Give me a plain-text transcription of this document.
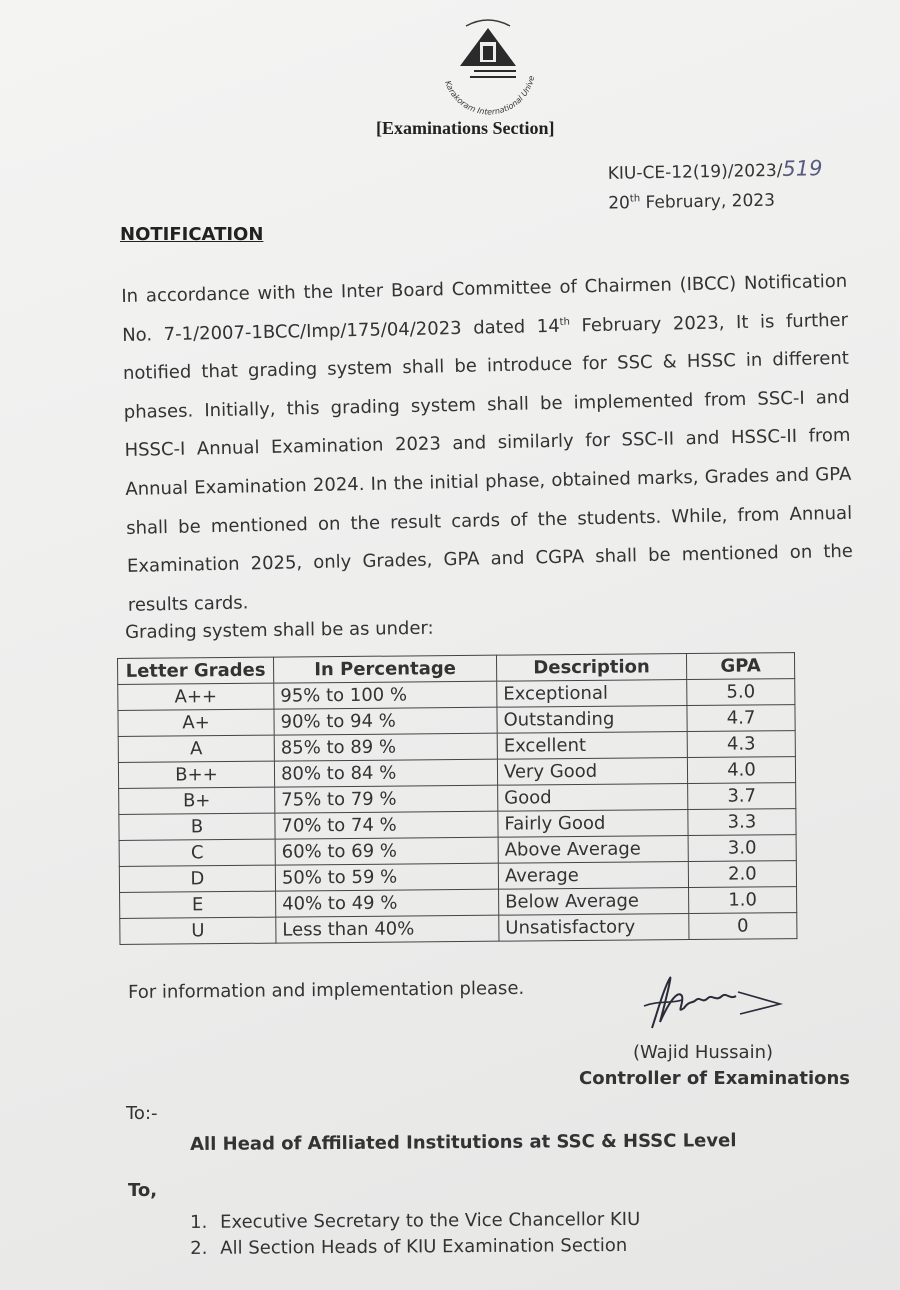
Karakoram International Unive
[Examinations Section]
KIU-CE-12(19)/2023/519
20th February, 2023
NOTIFICATION
In accordance with the Inter Board Committee of Chairmen (IBCC) Notification No. 7-1/2007-1BCC/Imp/175/04/2023 dated 14th February 2023, It is further notified that grading system shall be introduce for SSC & HSSC in different phases. Initially, this grading system shall be implemented from SSC-I and HSSC-I Annual Examination 2023 and similarly for SSC-II and HSSC-II from Annual Examination 2024. In the initial phase, obtained marks, Grades and GPA shall be mentioned on the result cards of the students. While, from Annual Examination 2025, only Grades, GPA and CGPA shall be mentioned on the results cards.
Grading system shall be as under:
Letter Grades	In Percentage	Description	GPA
A++	95% to 100 %	Exceptional	5.0
A+	90% to 94 %	Outstanding	4.7
A	85% to 89 %	Excellent	4.3
B++	80% to 84 %	Very Good	4.0
B+	75% to 79 %	Good	3.7
B	70% to 74 %	Fairly Good	3.3
C	60% to 69 %	Above Average	3.0
D	50% to 59 %	Average	2.0
E	40% to 49 %	Below Average	1.0
U	Less than 40%	Unsatisfactory	0
For information and implementation please.
(Wajid Hussain)
Controller of Examinations
To:-
All Head of Affiliated Institutions at SSC & HSSC Level
To,
1. Executive Secretary to the Vice Chancellor KIU
2. All Section Heads of KIU Examination Section
